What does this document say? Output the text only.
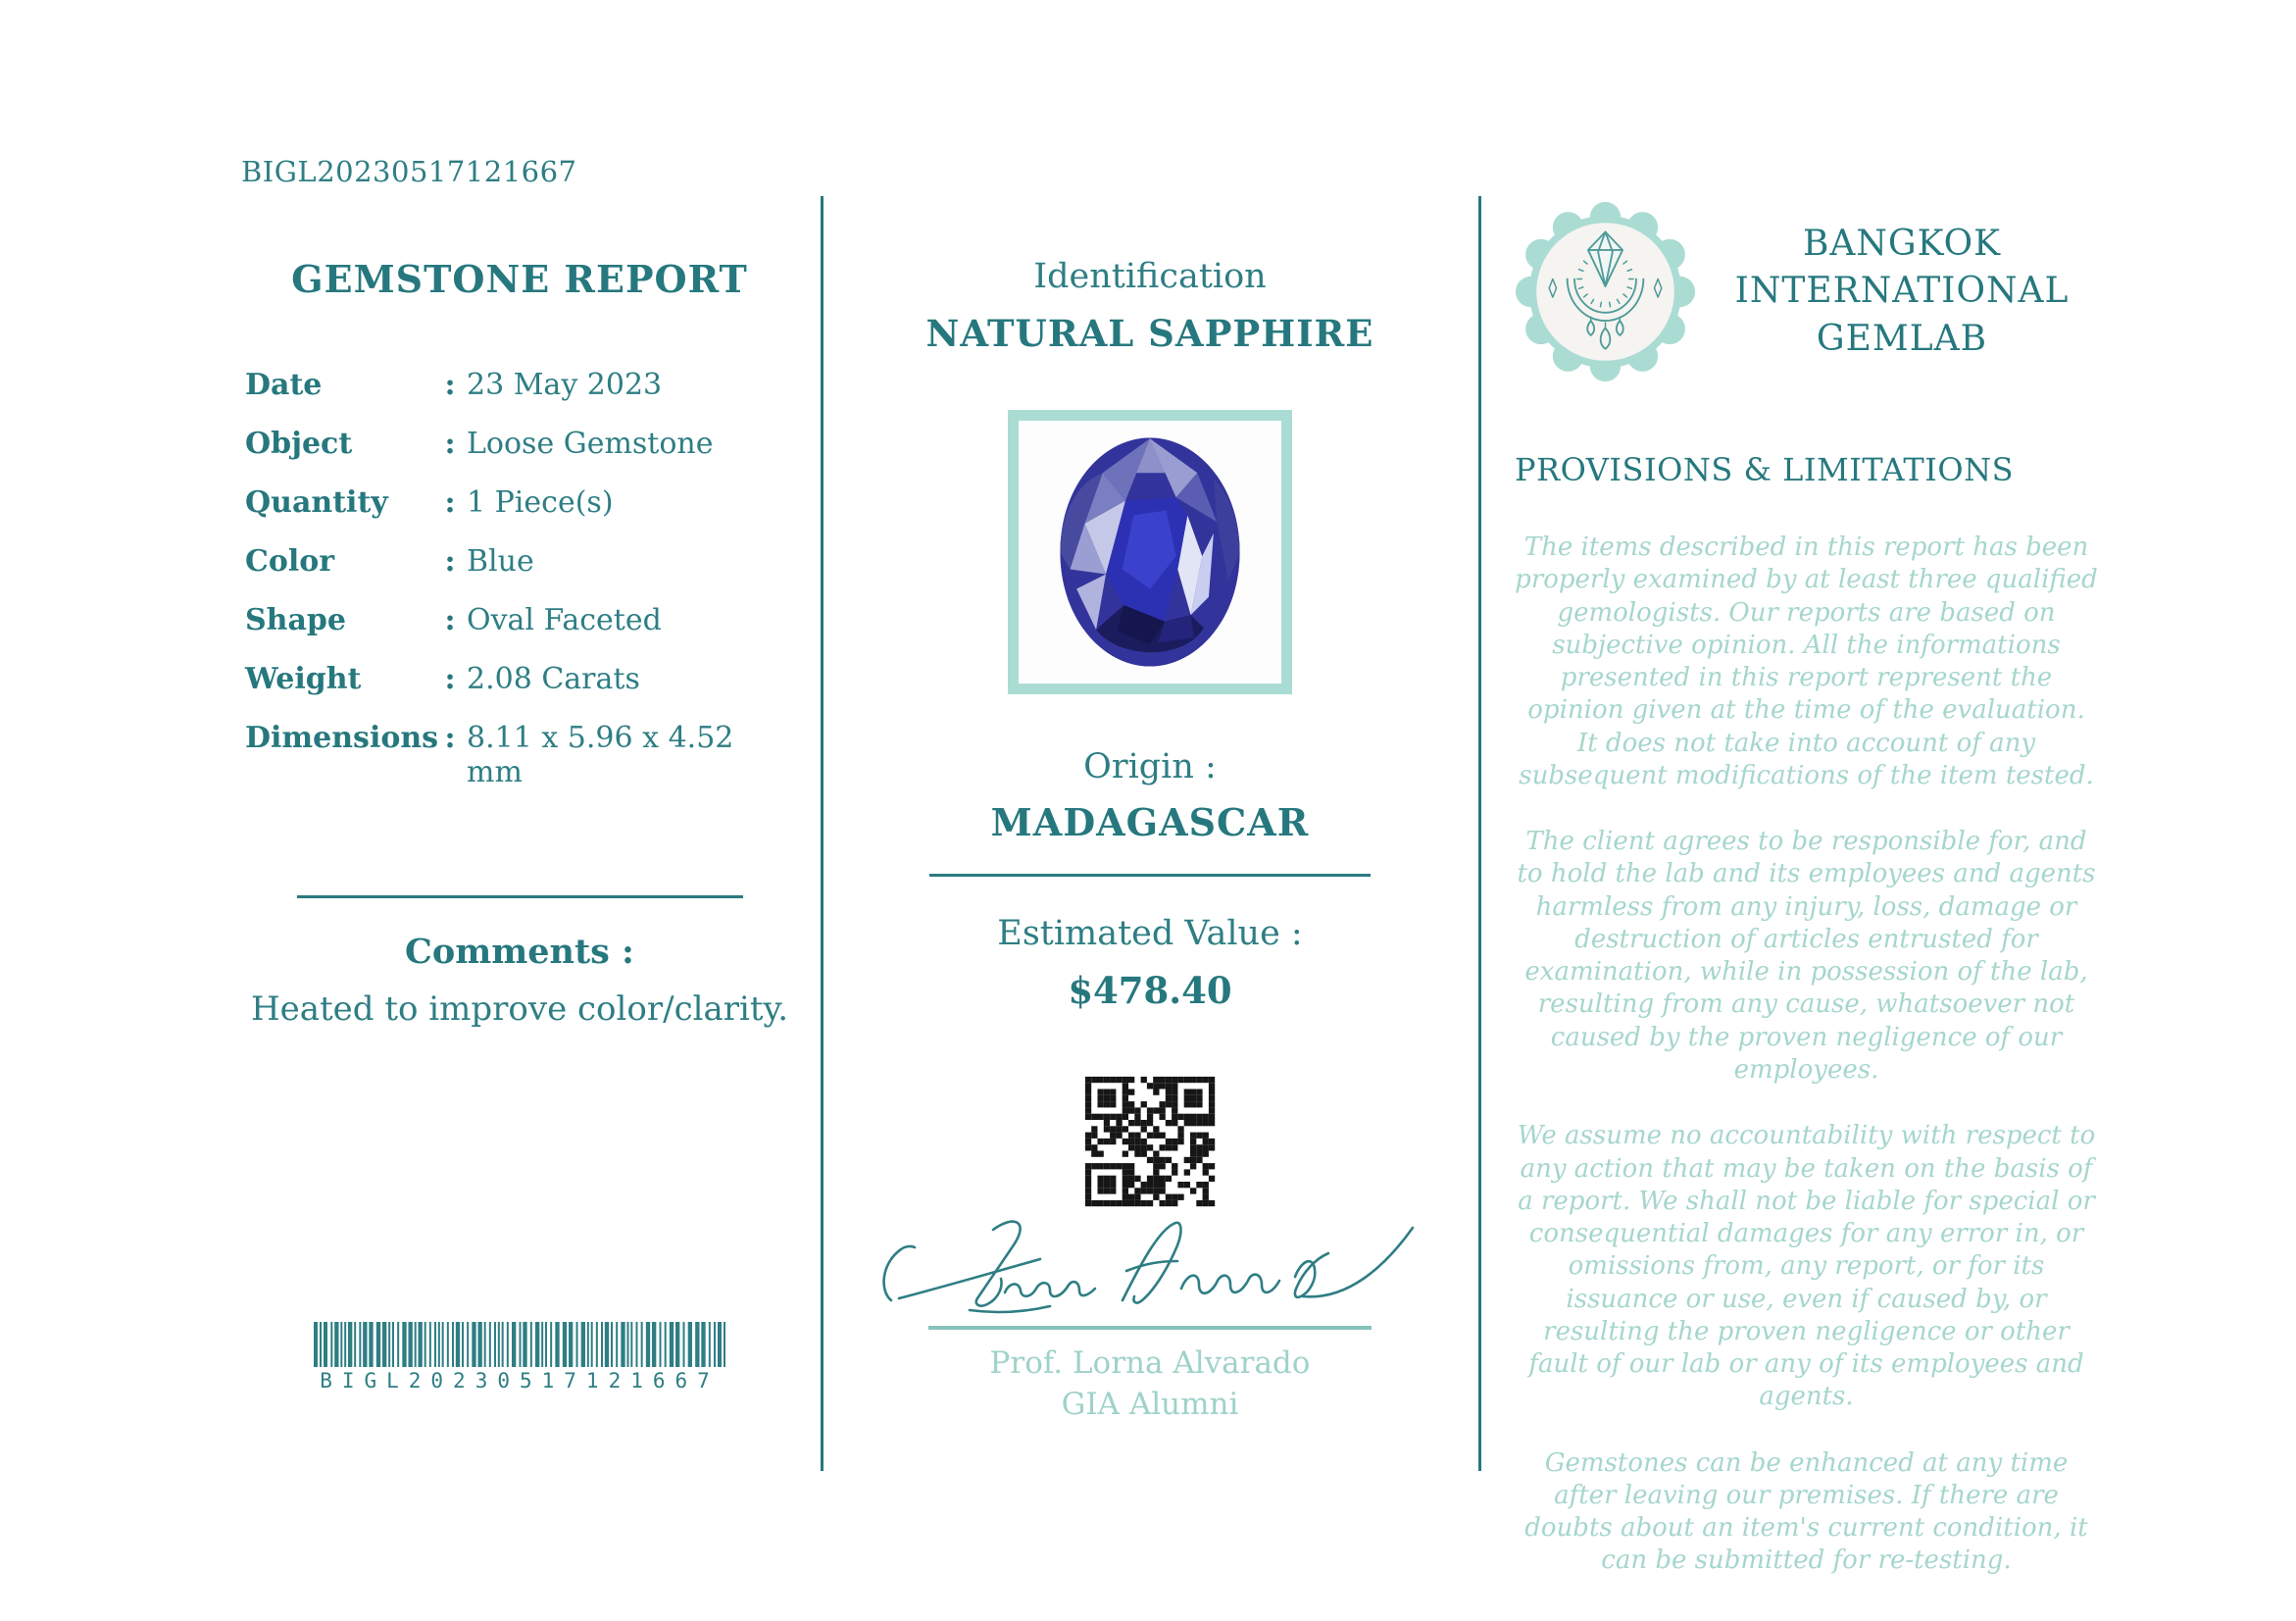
BIGL20230517121667
GEMSTONE REPORT
Date	: 23 May 2023
Object	: Loose Gemstone
Quantity	: 1 Piece(s)
Color	: Blue
Shape	: Oval Faceted
Weight	: 2.08 Carats
Dimensions : 8.11 x 5.96 x 4.52 mm
Comments :
Heated to improve color/clarity.
BIGL20230517121667
Identification
NATURAL SAPPHIRE
Origin :
MADAGASCAR
Estimated Value :
$478.40
Prof. Lorna Alvarado
GIA Alumni
BANGKOK INTERNATIONAL GEMLAB
PROVISIONS & LIMITATIONS

The items described in this report has been properly examined by at least three qualified gemologists. Our reports are based on subjective opinion. All the informations presented in this report represent the opinion given at the time of the evaluation. It does not take into account of any subsequent modifications of the item tested.

The client agrees to be responsible for, and to hold the lab and its employees and agents harmless from any injury, loss, damage or destruction of articles entrusted for examination, while in possession of the lab, resulting from any cause, whatsoever not caused by the proven negligence of our employees.

We assume no accountability with respect to any action that may be taken on the basis of a report. We shall not be liable for special or consequential damages for any error in, or omissions from, any report, or for its issuance or use, even if caused by, or resulting the proven negligence or other fault of our lab or any of its employees and agents.

Gemstones can be enhanced at any time after leaving our premises. If there are doubts about an item's current condition, it can be submitted for re-testing.
